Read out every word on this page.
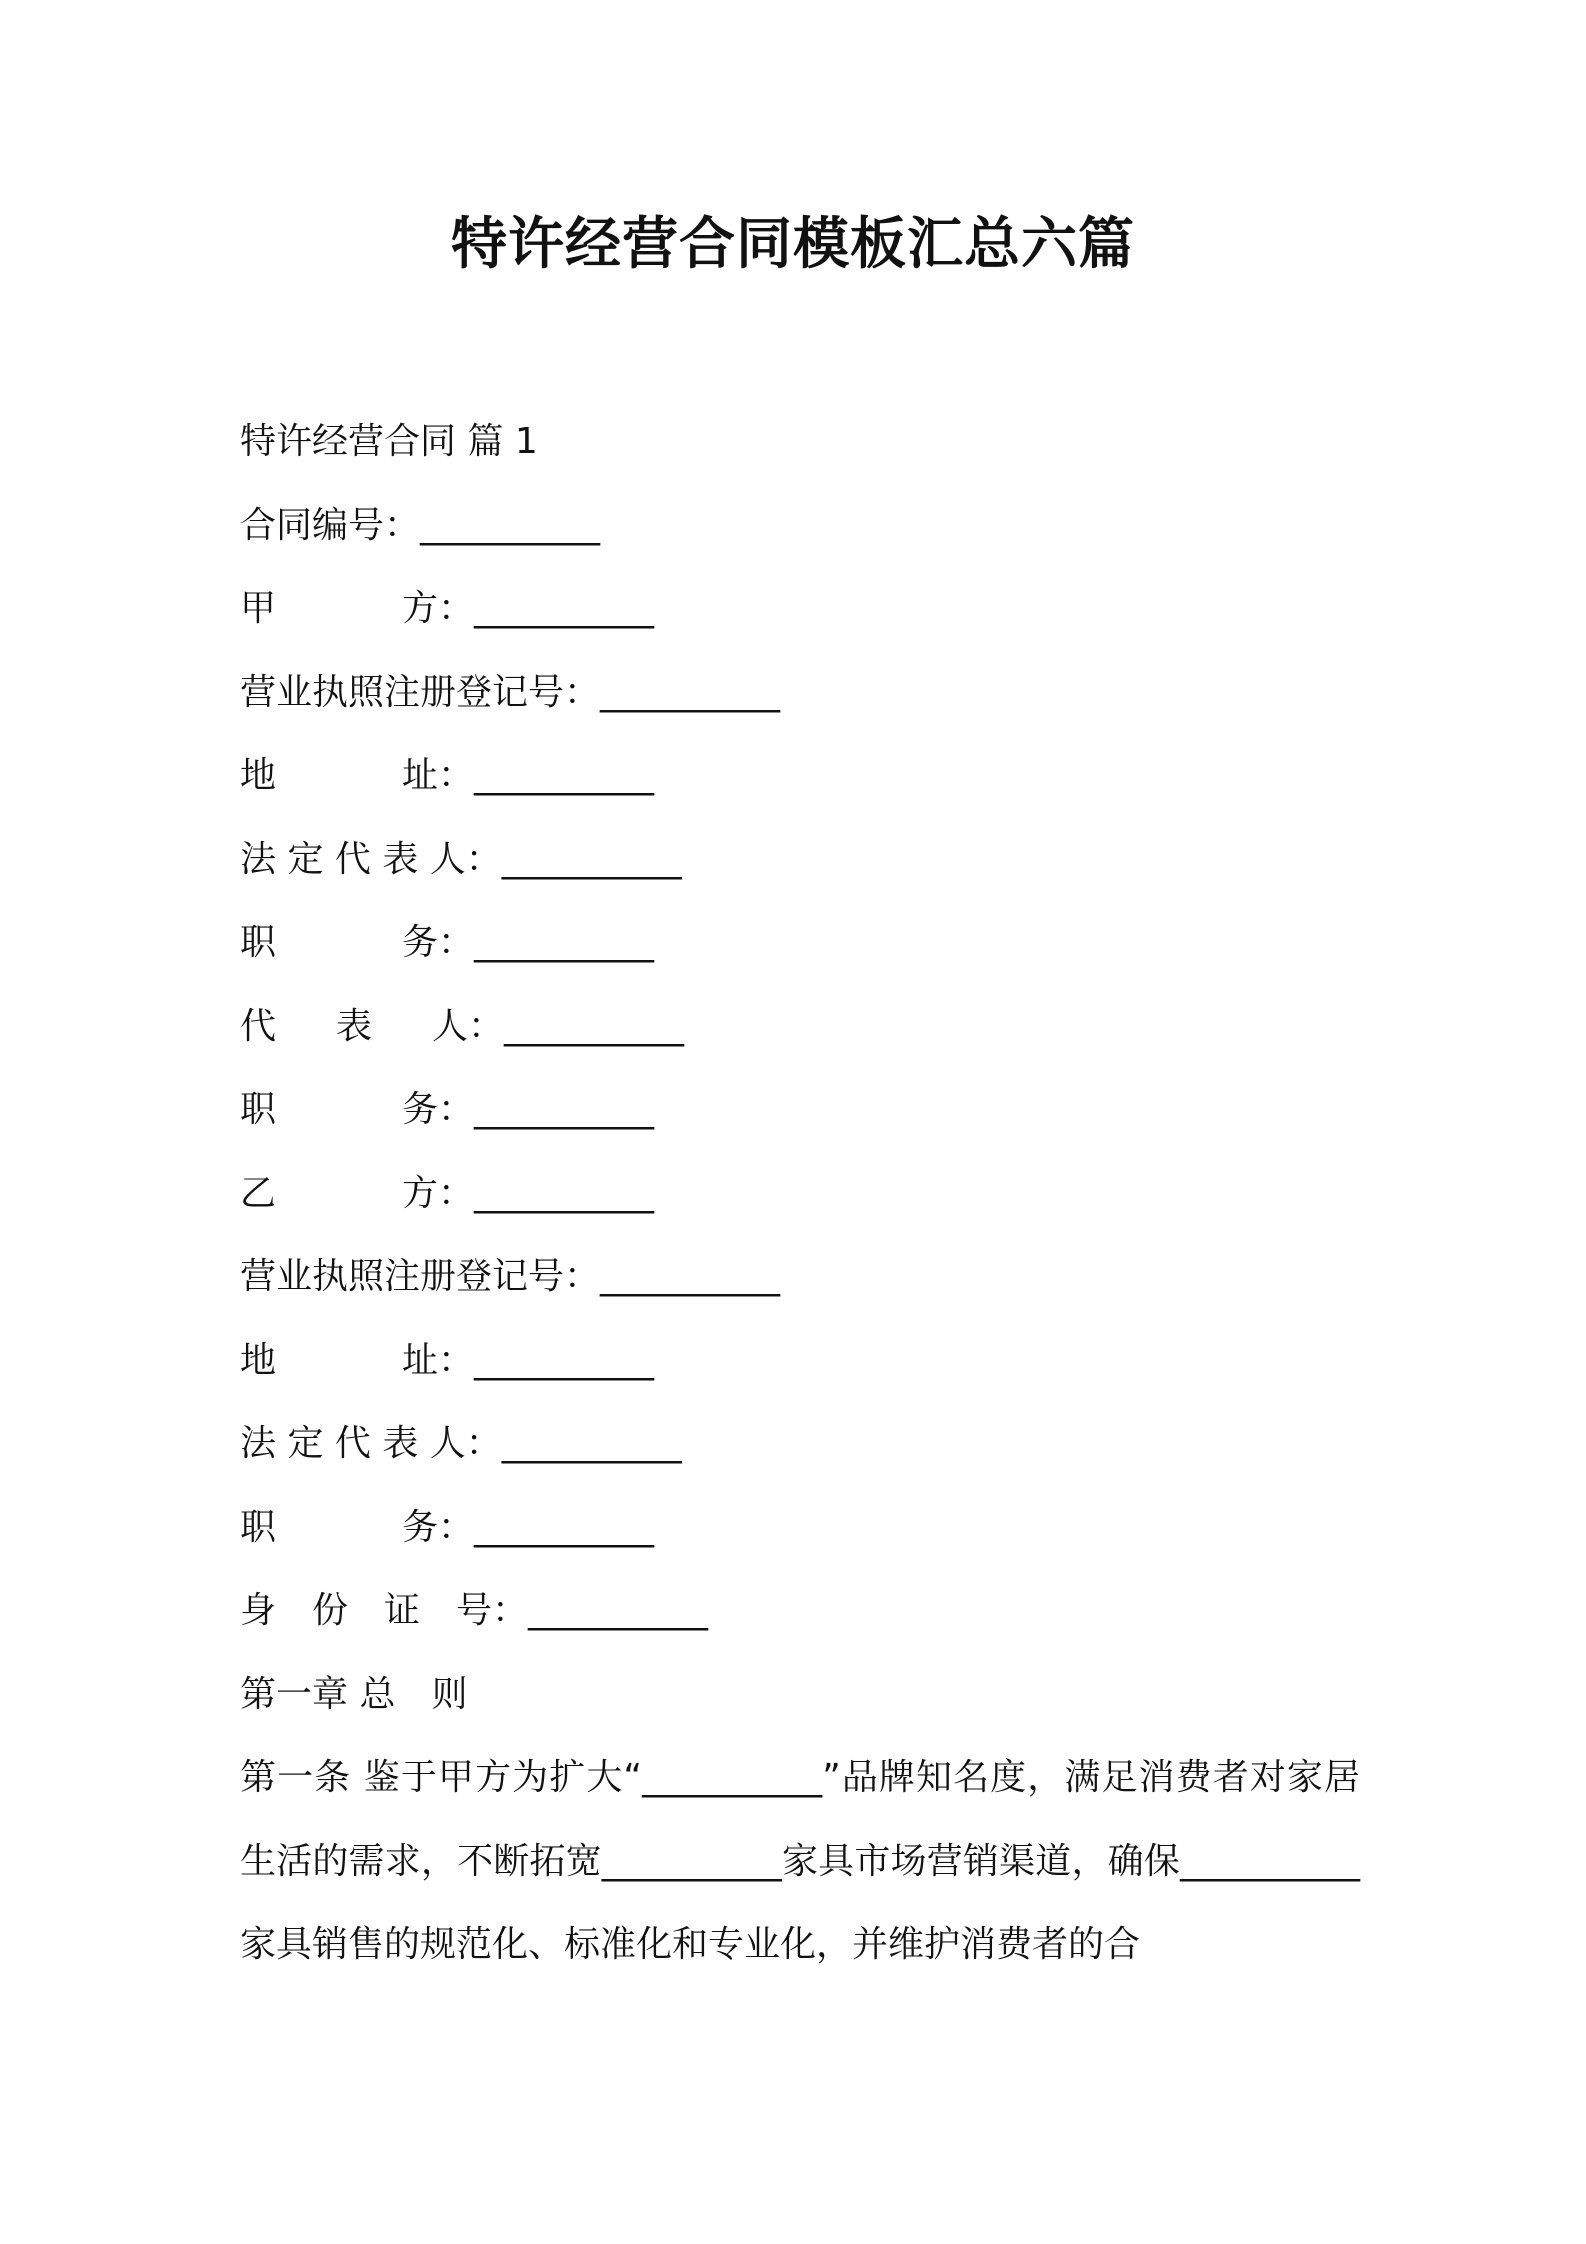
特许经营合同模板汇总六篇
特许经营合同 篇 1
合同编号：__________
甲	方：__________
营业执照注册登记号：__________
地	址：__________
法 定 代 表 人：__________
职	务：__________
代 表 人：__________
职	务：__________
乙	方：__________
营业执照注册登记号：__________
地	址：__________
法 定 代 表 人：__________
职	务：__________
身　份　证　号：__________
第一章 总　则
第一条 鉴于甲方为扩大“__________”品牌知名度，满足消费者对家居生活的需求，不断拓宽__________家具市场营销渠道，确保__________家具销售的规范化、标准化和专业化，并维护消费者的合
